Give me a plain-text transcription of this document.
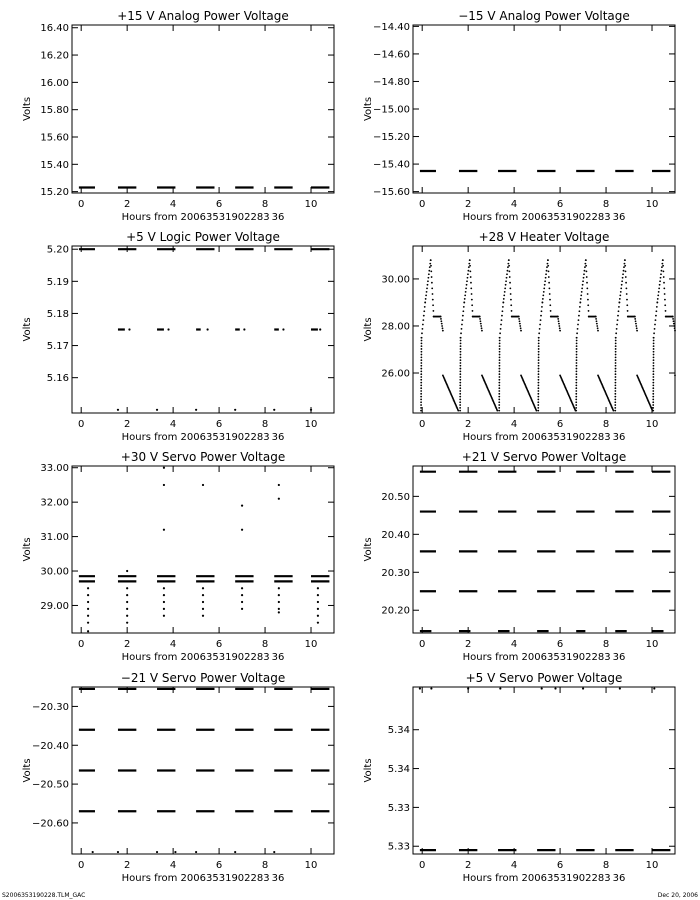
+15 V Analog Power Voltage
Hours from 20063531902283 36
Volts
0	2	4	6	8	10
15.20
15.40
15.60
15.80
16.00
16.20
16.40
−15 V Analog Power Voltage
Hours from 20063531902283 36
Volts
0	2	4	6	8	10
−15.60
−15.40
−15.20
−15.00
−14.80
−14.60
−14.40
+5 V Logic Power Voltage
Hours from 20063531902283 36
Volts
0	2	4	6	8	10
5.16
5.17
5.18
5.19
5.20
+28 V Heater Voltage
Hours from 20063531902283 36
Volts
0	2	4	6	8	10
26.00
28.00
30.00
+30 V Servo Power Voltage
Hours from 20063531902283 36
Volts
0	2	4	6	8	10
29.00
30.00
31.00
32.00
33.00
+21 V Servo Power Voltage
Hours from 20063531902283 36
Volts
0	2	4	6	8	10
20.20
20.30
20.40
20.50
−21 V Servo Power Voltage
Hours from 20063531902283 36
Volts
0	2	4	6	8	10
−20.60
−20.50
−20.40
−20.30
+5 V Servo Power Voltage
Hours from 20063531902283 36
Volts
0	2	4	6	8	10
5.33
5.33
5.34
5.34
S2006353190228.TLM_GAC	Dec 20, 2006
